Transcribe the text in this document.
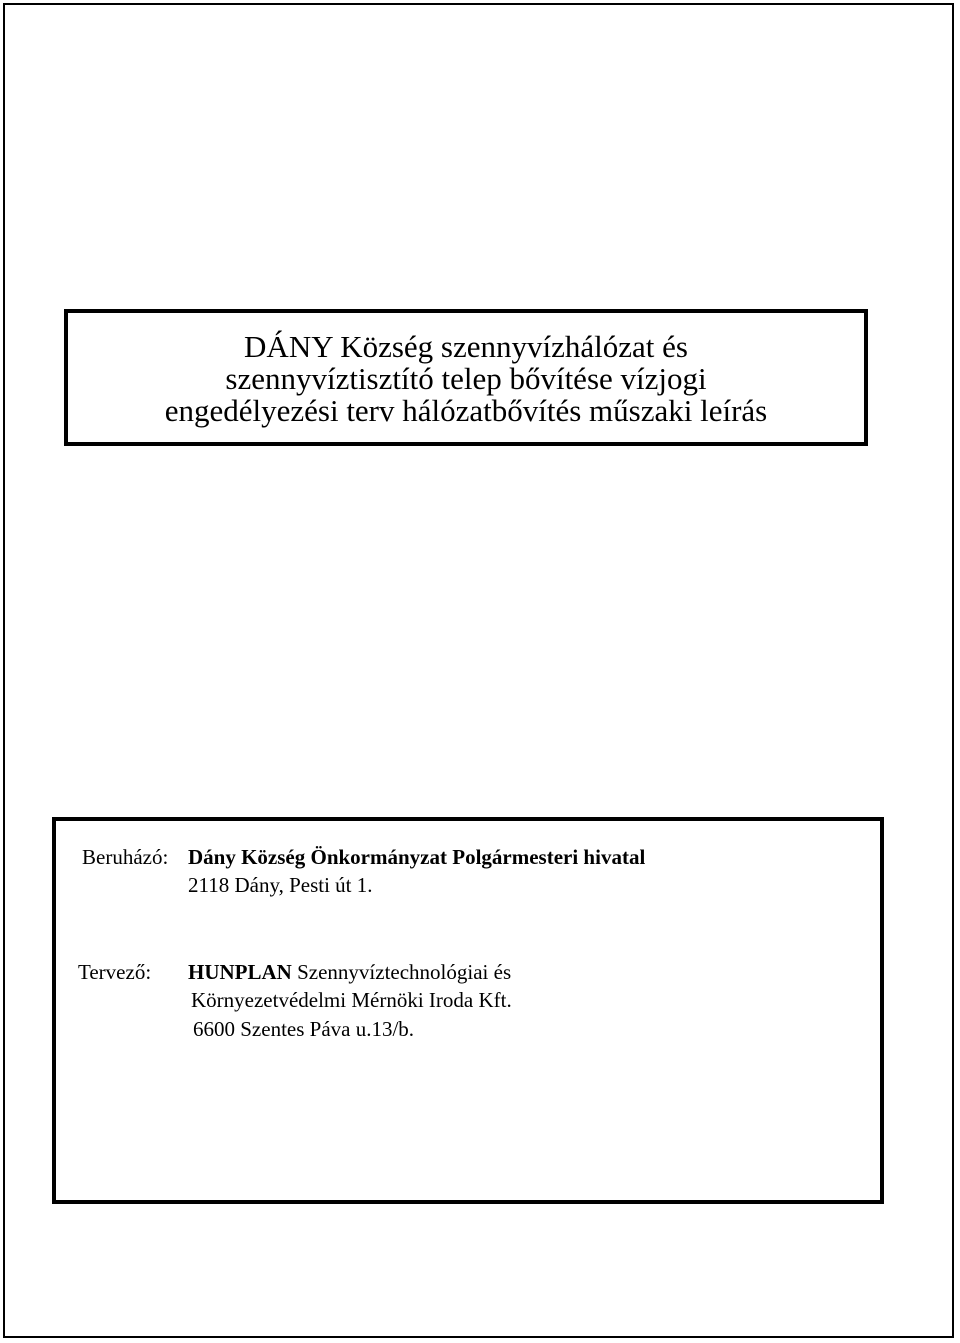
DÁNY Község szennyvízhálózat és
szennyvíztisztító telep bővítése vízjogi
engedélyezési terv hálózatbővítés műszaki leírás
Beruházó: Dány Község Önkormányzat Polgármesteri hivatal
2118 Dány, Pesti út 1.
Tervező: HUNPLAN Szennyvíztechnológiai és
Környezetvédelmi Mérnöki Iroda Kft.
6600 Szentes Páva u.13/b.
